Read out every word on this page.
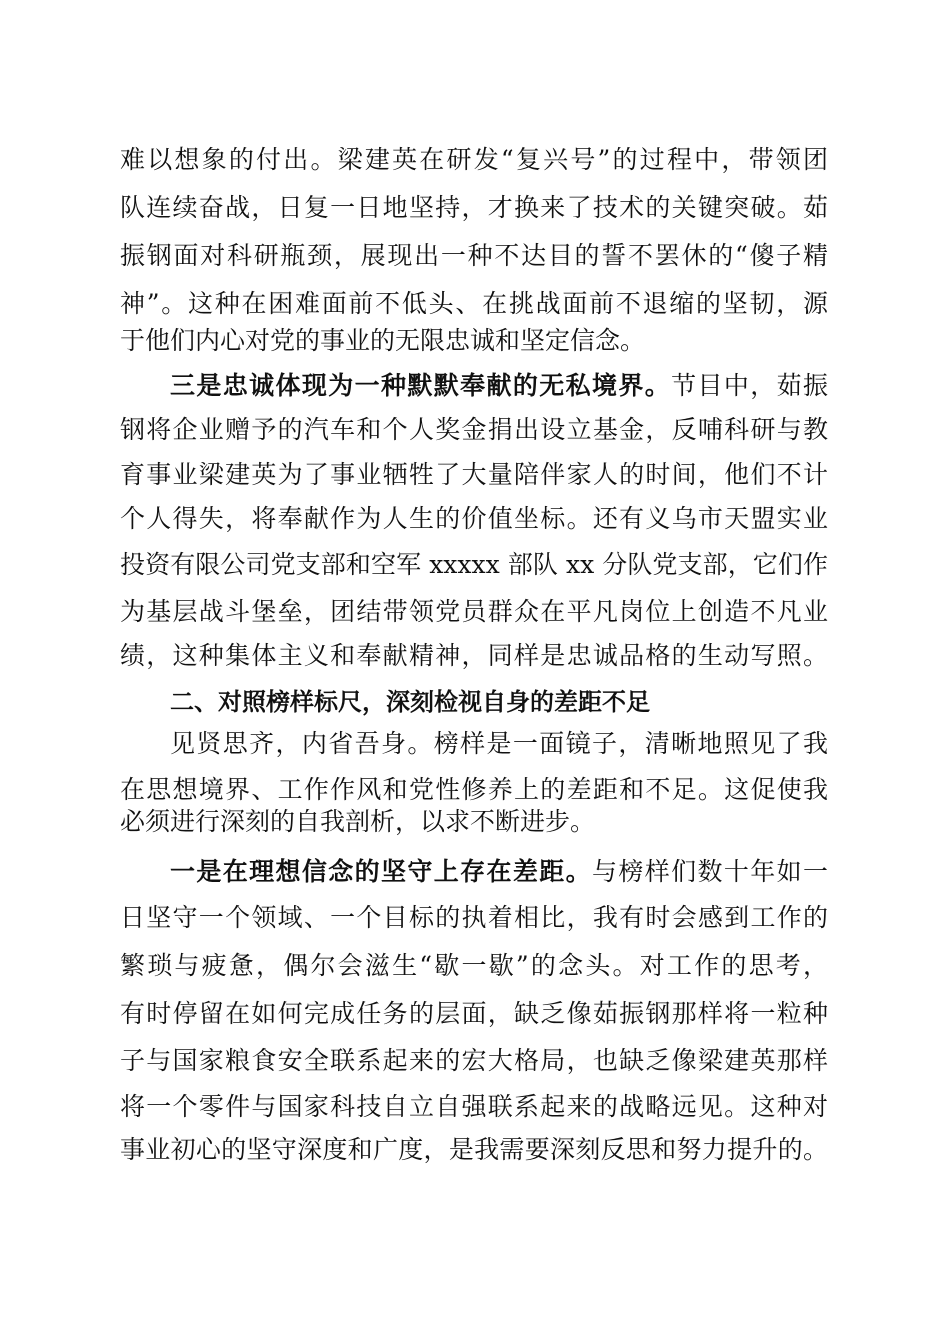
难以想象的付出。梁建英在研发“复兴号”的过程中，带领团

队连续奋战，日复一日地坚持，才换来了技术的关键突破。茹

振钢面对科研瓶颈，展现出一种不达目的誓不罢休的“傻子精

神”。这种在困难面前不低头、在挑战面前不退缩的坚韧，源

于他们内心对党的事业的无限忠诚和坚定信念。

三是忠诚体现为一种默默奉献的无私境界。节目中，茹振

钢将企业赠予的汽车和个人奖金捐出设立基金，反哺科研与教

育事业梁建英为了事业牺牲了大量陪伴家人的时间，他们不计

个人得失，将奉献作为人生的价值坐标。还有义乌市天盟实业

投资有限公司党支部和空军 xxxxx 部队 xx 分队党支部，它们作

为基层战斗堡垒，团结带领党员群众在平凡岗位上创造不凡业

绩，这种集体主义和奉献精神，同样是忠诚品格的生动写照。

二、对照榜样标尺，深刻检视自身的差距不足

见贤思齐，内省吾身。榜样是一面镜子，清晰地照见了我

在思想境界、工作作风和党性修养上的差距和不足。这促使我

必须进行深刻的自我剖析，以求不断进步。

一是在理想信念的坚守上存在差距。与榜样们数十年如一

日坚守一个领域、一个目标的执着相比，我有时会感到工作的

繁琐与疲惫，偶尔会滋生“歇一歇”的念头。对工作的思考，

有时停留在如何完成任务的层面，缺乏像茹振钢那样将一粒种

子与国家粮食安全联系起来的宏大格局，也缺乏像梁建英那样

将一个零件与国家科技自立自强联系起来的战略远见。这种对

事业初心的坚守深度和广度，是我需要深刻反思和努力提升的。
